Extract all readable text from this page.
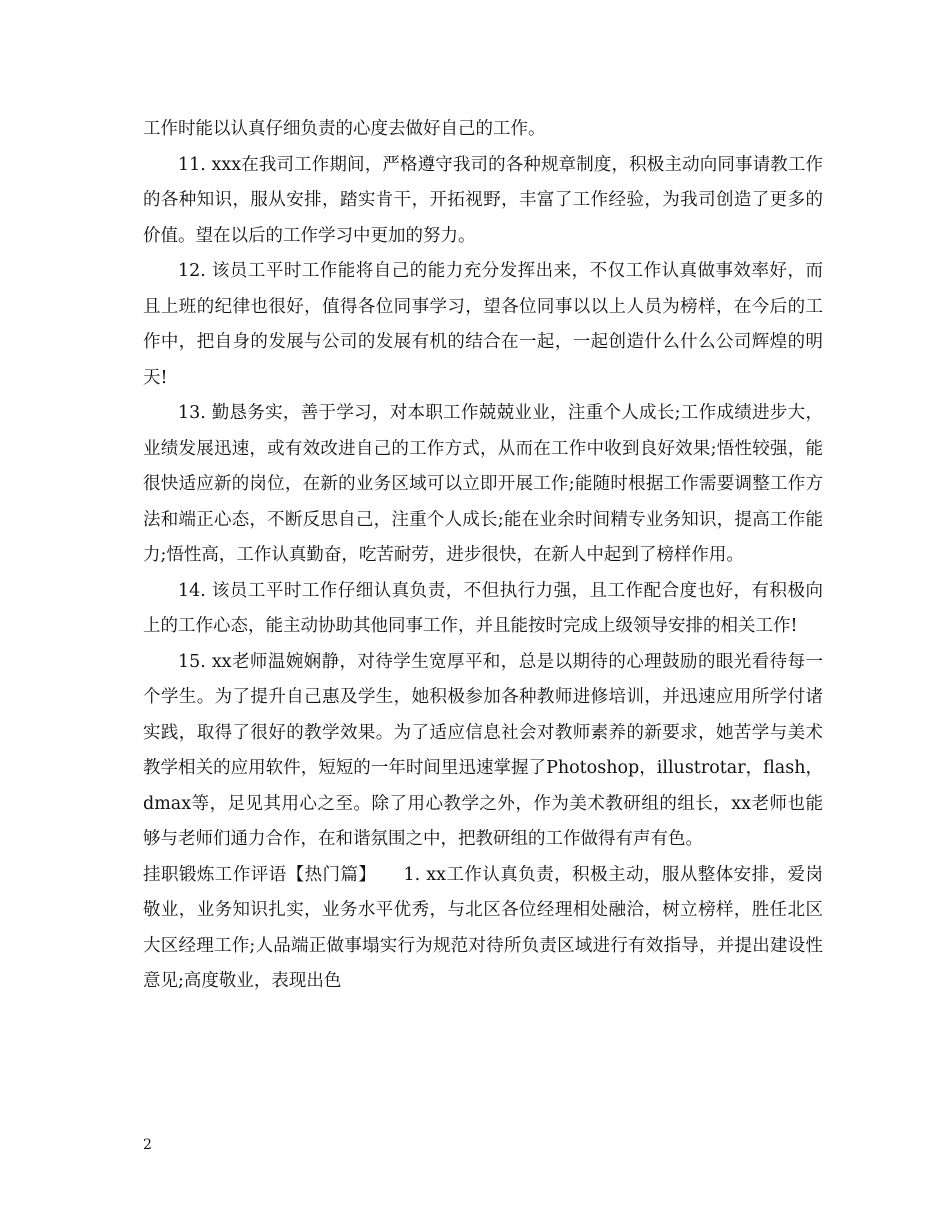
工作时能以认真仔细负责的心度去做好自己的工作。

11. xxx在我司工作期间，严格遵守我司的各种规章制度，积极主动向同事请教工作的各种知识，服从安排，踏实肯干，开拓视野，丰富了工作经验，为我司创造了更多的价值。望在以后的工作学习中更加的努力。

12. 该员工平时工作能将自己的能力充分发挥出来，不仅工作认真做事效率好，而且上班的纪律也很好，值得各位同事学习，望各位同事以以上人员为榜样，在今后的工作中，把自身的发展与公司的发展有机的结合在一起，一起创造什么什么公司辉煌的明天!

13. 勤恳务实，善于学习，对本职工作兢兢业业，注重个人成长;工作成绩进步大，业绩发展迅速，或有效改进自己的工作方式，从而在工作中收到良好效果;悟性较强，能很快适应新的岗位，在新的业务区域可以立即开展工作;能随时根据工作需要调整工作方法和端正心态，不断反思自己，注重个人成长;能在业余时间精专业务知识，提高工作能力;悟性高，工作认真勤奋，吃苦耐劳，进步很快，在新人中起到了榜样作用。

14. 该员工平时工作仔细认真负责，不但执行力强，且工作配合度也好，有积极向上的工作心态，能主动协助其他同事工作，并且能按时完成上级领导安排的相关工作!

15. xx老师温婉娴静，对待学生宽厚平和，总是以期待的心理鼓励的眼光看待每一个学生。为了提升自己惠及学生，她积极参加各种教师进修培训，并迅速应用所学付诸实践，取得了很好的教学效果。为了适应信息社会对教师素养的新要求，她苦学与美术教学相关的应用软件，短短的一年时间里迅速掌握了Photoshop，illustrotar，flash，dmax等，足见其用心之至。除了用心教学之外，作为美术教研组的组长，xx老师也能够与老师们通力合作，在和谐氛围之中，把教研组的工作做得有声有色。

挂职锻炼工作评语【热门篇】　　1. xx工作认真负责，积极主动，服从整体安排，爱岗敬业，业务知识扎实，业务水平优秀，与北区各位经理相处融洽，树立榜样，胜任北区大区经理工作;人品端正做事塌实行为规范对待所负责区域进行有效指导，并提出建设性意见;高度敬业，表现出色

2
